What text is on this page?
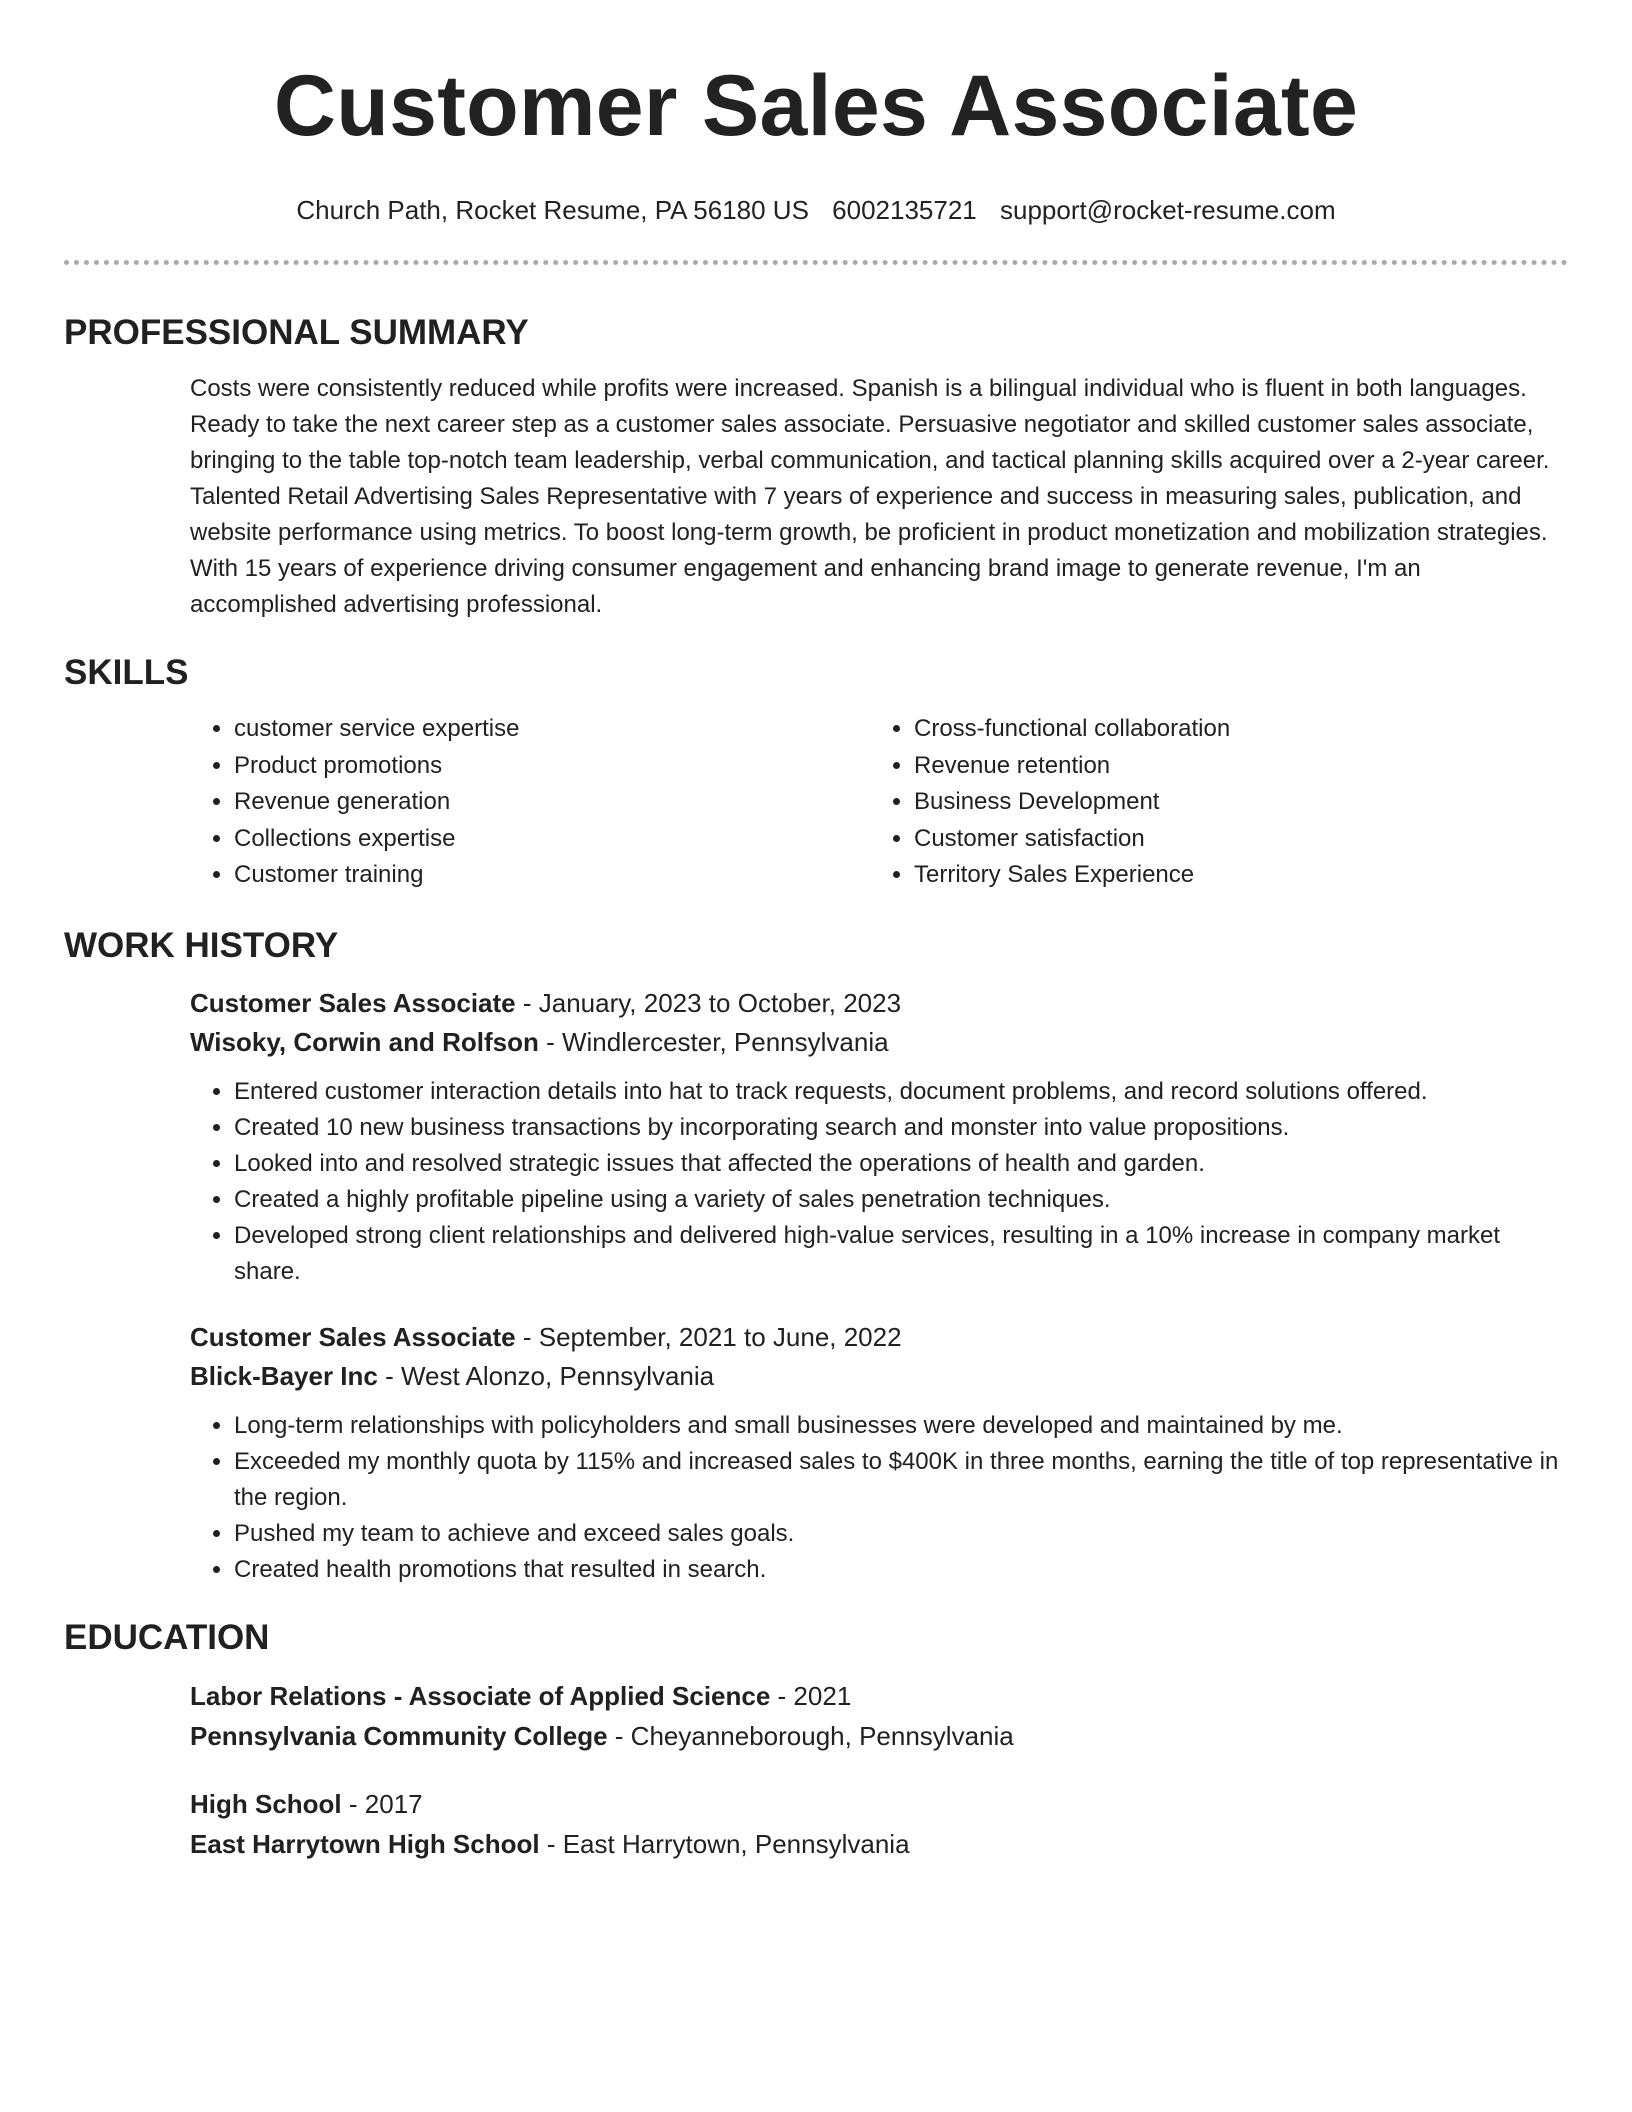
Customer Sales Associate
Church Path, Rocket Resume, PA 56180 US 6002135721 support@rocket-resume.com
PROFESSIONAL SUMMARY

Costs were consistently reduced while profits were increased. Spanish is a bilingual individual who is fluent in both languages. Ready to take the next career step as a customer sales associate. Persuasive negotiator and skilled customer sales associate, bringing to the table top-notch team leadership, verbal communication, and tactical planning skills acquired over a 2-year career. Talented Retail Advertising Sales Representative with 7 years of experience and success in measuring sales, publication, and website performance using metrics. To boost long-term growth, be proficient in product monetization and mobilization strategies. With 15 years of experience driving consumer engagement and enhancing brand image to generate revenue, I'm an accomplished advertising professional.

SKILLS
• customer service expertise
• Product promotions
• Revenue generation
• Collections expertise
• Customer training
• Cross-functional collaboration
• Revenue retention
• Business Development
• Customer satisfaction
• Territory Sales Experience
WORK HISTORY
Customer Sales Associate - January, 2023 to October, 2023
Wisoky, Corwin and Rolfson - Windlercester, Pennsylvania
• Entered customer interaction details into hat to track requests, document problems, and record solutions offered.
• Created 10 new business transactions by incorporating search and monster into value propositions.
• Looked into and resolved strategic issues that affected the operations of health and garden.
• Created a highly profitable pipeline using a variety of sales penetration techniques.
• Developed strong client relationships and delivered high-value services, resulting in a 10% increase in company market share.
Customer Sales Associate - September, 2021 to June, 2022
Blick-Bayer Inc - West Alonzo, Pennsylvania
• Long-term relationships with policyholders and small businesses were developed and maintained by me.
• Exceeded my monthly quota by 115% and increased sales to $400K in three months, earning the title of top representative in the region.
• Pushed my team to achieve and exceed sales goals.
• Created health promotions that resulted in search.
EDUCATION
Labor Relations - Associate of Applied Science - 2021
Pennsylvania Community College - Cheyanneborough, Pennsylvania
High School - 2017
East Harrytown High School - East Harrytown, Pennsylvania
